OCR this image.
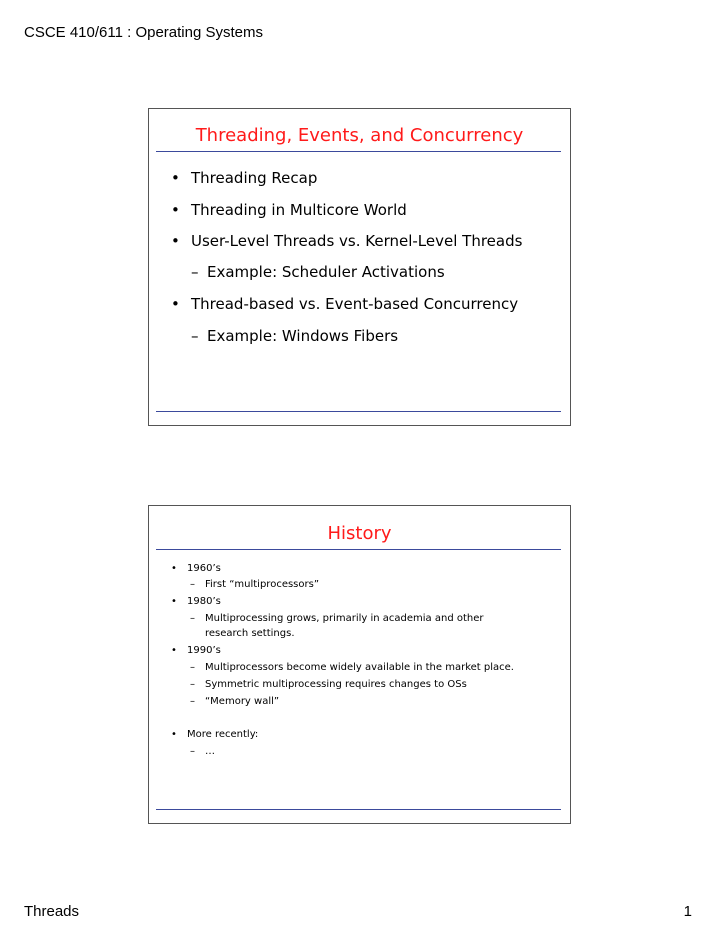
CSCE 410/611 : Operating Systems
Threading, Events, and Concurrency
• Threading Recap
• Threading in Multicore World
• User-Level Threads vs. Kernel-Level Threads
– Example: Scheduler Activations
• Thread-based vs. Event-based Concurrency
– Example: Windows Fibers
History
• 1960’s
– First “multiprocessors”
• 1980’s
– Multiprocessing grows, primarily in academia and other
research settings.
• 1990’s
– Multiprocessors become widely available in the market place.
– Symmetric multiprocessing requires changes to OSs
– “Memory wall”
• More recently:
– …
Threads	1
